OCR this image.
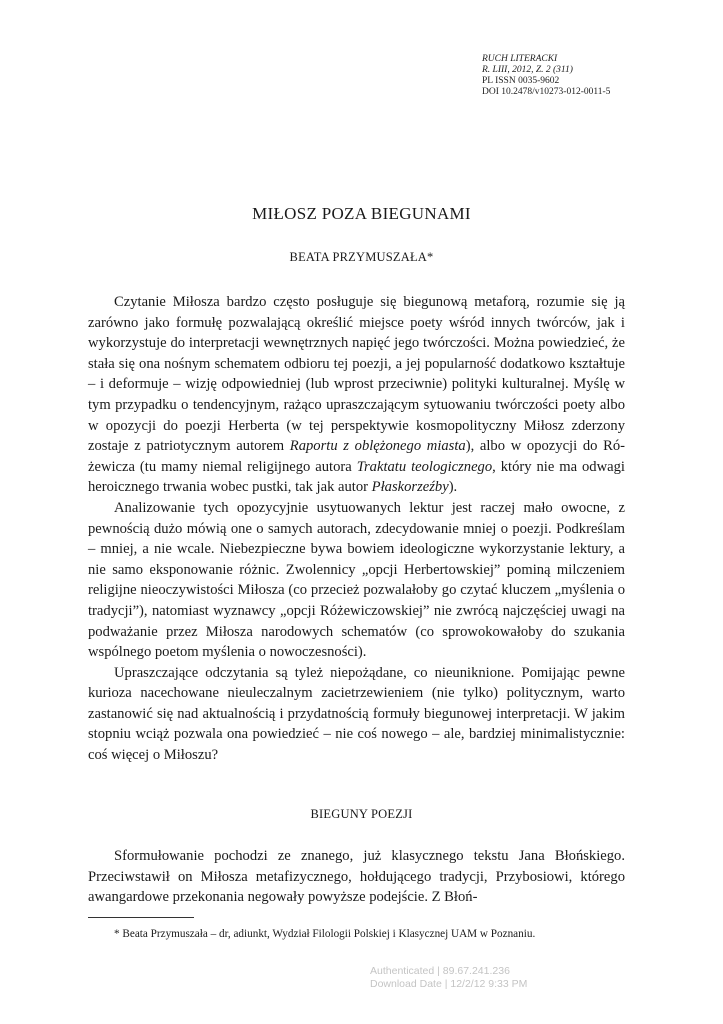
RUCH LITERACKI
R. LIII, 2012, Z. 2 (311)
PL ISSN 0035-9602
DOI 10.2478/v10273-012-0011-5
MIŁOSZ POZA BIEGUNAMI
BEATA PRZYMUSZAŁA*

Czytanie Miłosza bardzo często posługuje się biegunową metaforą, rozumie się ją zarówno jako formułę pozwalającą określić miejsce poety wśród innych twórców, jak i wykorzystuje do interpretacji wewnętrznych napięć jego twórczości. Można powiedzieć, że stała się ona nośnym schematem odbioru tej poezji, a jej popularność dodatkowo kształtuje – i deformuje – wizję odpowiedniej (lub wprost przeciwnie) polityki kulturalnej. Myślę w tym przypadku o tendencyjnym, rażąco upraszczającym sytuowaniu twórczości poety albo w opozycji do poezji Herberta (w tej perspektywie kosmopolityczny Miłosz zderzony zostaje z patriotycznym autorem Raportu z oblężonego miasta), albo w opozycji do Różewicza (tu mamy niemal religijnego autora Traktatu teologicznego, który nie ma odwagi heroicznego trwania wobec pustki, tak jak autor Płaskorzeźby).

Analizowanie tych opozycyjnie usytuowanych lektur jest raczej mało owocne, z pewnością dużo mówią one o samych autorach, zdecydowanie mniej o poezji. Podkreślam – mniej, a nie wcale. Niebezpieczne bywa bowiem ideologiczne wykorzystanie lektury, a nie samo eksponowanie różnic. Zwolennicy „opcji Herbertowskiej” pominą milczeniem religijne nieoczywistości Miłosza (co przecież pozwalałoby go czytać kluczem „myślenia o tradycji”), natomiast wyznawcy „opcji Różewiczowskiej” nie zwrócą najczęściej uwagi na podważanie przez Miłosza narodowych schematów (co sprowokowałoby do szukania wspólnego poetom myślenia o nowoczesności).

Upraszczające odczytania są tyleż niepożądane, co nieuniknione. Pomijając pewne kurioza nacechowane nieuleczalnym zacietrzewieniem (nie tylko) politycznym, warto zastanowić się nad aktualnością i przydatnością formuły biegunowej interpretacji. W jakim stopniu wciąż pozwala ona powiedzieć – nie coś nowego – ale, bardziej minimalistycznie: coś więcej o Miłoszu?

BIEGUNY POEZJI

Sformułowanie pochodzi ze znanego, już klasycznego tekstu Jana Błońskiego. Przeciwstawił on Miłosza metafizycznego, hołdującego tradycji, Przybosiowi, którego awangardowe przekonania negowały powyższe podejście. Z Błoń-

* Beata Przymuszała – dr, adiunkt, Wydział Filologii Polskiej i Klasycznej UAM w Poznaniu.
Authenticated | 89.67.241.236
Download Date | 12/2/12 9:33 PM
